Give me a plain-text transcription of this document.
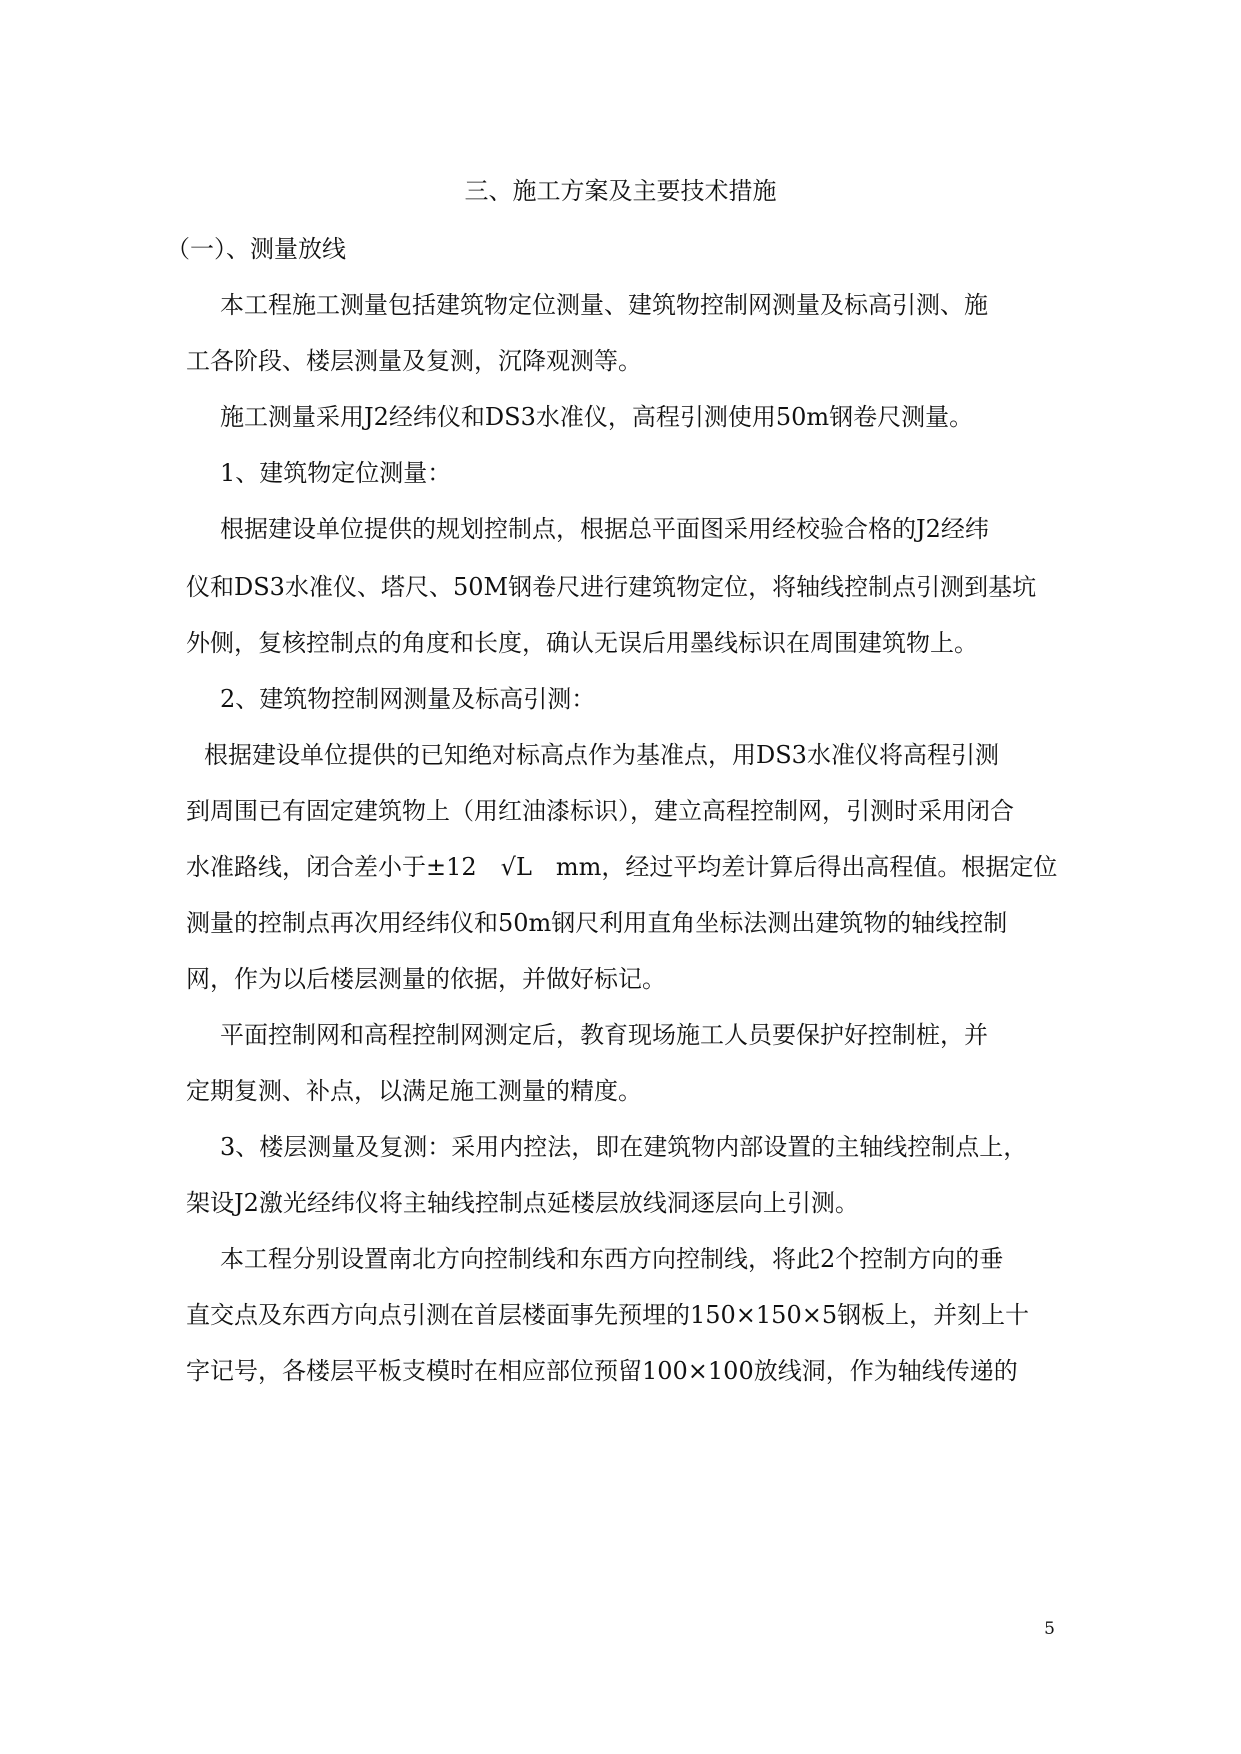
三、施工方案及主要技术措施
（一）、测量放线
本工程施工测量包括建筑物定位测量、建筑物控制网测量及标高引测、施
工各阶段、楼层测量及复测，沉降观测等。
施工测量采用J2经纬仪和DS3水准仪，高程引测使用50m钢卷尺测量。
1、建筑物定位测量：
根据建设单位提供的规划控制点，根据总平面图采用经校验合格的J2经纬
仪和DS3水准仪、塔尺、50M钢卷尺进行建筑物定位，将轴线控制点引测到基坑
外侧，复核控制点的角度和长度，确认无误后用墨线标识在周围建筑物上。
2、建筑物控制网测量及标高引测：
根据建设单位提供的已知绝对标高点作为基准点，用DS3水准仪将高程引测
到周围已有固定建筑物上（用红油漆标识），建立高程控制网，引测时采用闭合
水准路线，闭合差小于±12　√L　mm，经过平均差计算后得出高程值。根据定位
测量的控制点再次用经纬仪和50m钢尺利用直角坐标法测出建筑物的轴线控制
网，作为以后楼层测量的依据，并做好标记。
平面控制网和高程控制网测定后，教育现场施工人员要保护好控制桩，并
定期复测、补点，以满足施工测量的精度。
3、楼层测量及复测：采用内控法，即在建筑物内部设置的主轴线控制点上，
架设J2激光经纬仪将主轴线控制点延楼层放线洞逐层向上引测。
本工程分别设置南北方向控制线和东西方向控制线，将此2个控制方向的垂
直交点及东西方向点引测在首层楼面事先预埋的150×150×5钢板上，并刻上十
字记号，各楼层平板支模时在相应部位预留100×100放线洞，作为轴线传递的
5
